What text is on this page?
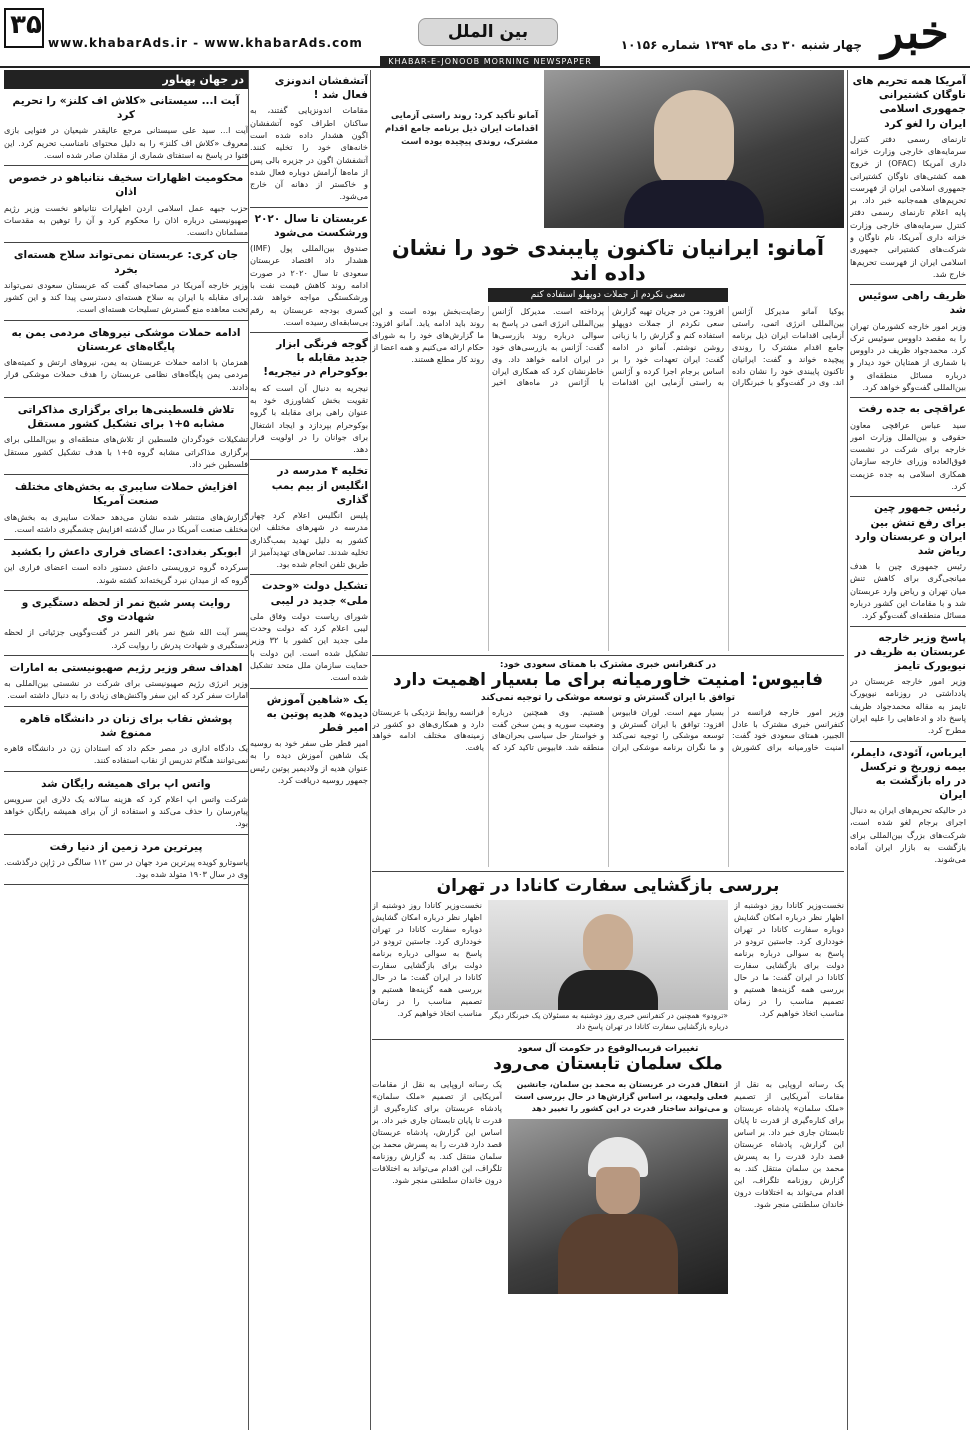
۳۵
www.khabarAds.ir - www.khabarAds.com
بین الملل	خبر
چهار شنبه ۳۰ دی ماه ۱۳۹۴ شماره ۱۰۱۵۶
KHABAR-E-JONOOB MORNING NEWSPAPER
آمریکا همه تحریم های ناوگان کشتیرانی جمهوری اسلامی ایران را لغو کرد
تارنمای رسمی دفتر کنترل سرمایه‌های خارجی وزارت خزانه داری آمریکا (OFAC) از خروج همه کشتی‌های ناوگان کشتیرانی جمهوری اسلامی ایران از فهرست تحریم‌های همه‌جانبه خبر داد. بر پایه اعلام تارنمای رسمی دفتر کنترل سرمایه‌های خارجی وزارت خزانه داری آمریکا، نام ناوگان و شرکت‌های کشتیرانی جمهوری اسلامی ایران از فهرست تحریم‌ها خارج شد.
ظریف راهی سوئیس شد
وزیر امور خارجه کشورمان تهران را به مقصد داووس سوئیس ترک کرد. محمدجواد ظریف در داووس با شماری از همتایان خود دیدار و درباره مسائل منطقه‌ای و بین‌المللی گفت‌وگو خواهد کرد.
عراقچی به جده رفت
سید عباس عراقچی معاون حقوقی و بین‌الملل وزارت امور خارجه برای شرکت در نشست فوق‌العاده وزرای خارجه سازمان همکاری اسلامی به جده عزیمت کرد.
رئیس جمهور چین برای رفع تنش بین ایران و عربستان وارد ریاض شد
رئیس جمهوری چین با هدف میانجی‌گری برای کاهش تنش میان تهران و ریاض وارد عربستان شد و با مقامات این کشور درباره مسائل منطقه‌ای گفت‌وگو کرد.
پاسخ وزیر خارجه عربستان به ظریف در نیویورک تایمز
وزیر امور خارجه عربستان در یادداشتی در روزنامه نیویورک تایمز به مقاله محمدجواد ظریف پاسخ داد و ادعاهایی را علیه ایران مطرح کرد.
ایرباس، آئودی، دایملر، بیمه زوریخ و ترکسل در راه بازگشت به ایران
در حالیکه تحریم‌های ایران به دنبال اجرای برجام لغو شده است، شرکت‌های بزرگ بین‌المللی برای بازگشت به بازار ایران آماده می‌شوند.
آمانو تأکید کرد: روند راستی آزمایی اقدامات ایران ذیل برنامه جامع اقدام مشترک، روندی پیچیده بوده است
آمانو: ایرانیان تاکنون پایبندی خود را نشان داده اند
سعی نکردم از جملات دوپهلو استفاده کنم
یوکیا آمانو مدیرکل آژانس بین‌المللی انرژی اتمی، راستی آزمایی اقدامات ایران ذیل برنامه جامع اقدام مشترک را روندی پیچیده خواند و گفت: ایرانیان تاکنون پایبندی خود را نشان داده اند. وی در گفت‌وگو با خبرنگاران افزود: من در جریان تهیه گزارش سعی نکردم از جملات دوپهلو استفاده کنم و گزارش را با زبانی روشن نوشتم. آمانو در ادامه گفت: ایران تعهدات خود را بر اساس برجام اجرا کرده و آژانس به راستی آزمایی این اقدامات پرداخته است. مدیرکل آژانس بین‌المللی انرژی اتمی در پاسخ به سوالی درباره روند بازرسی‌ها گفت: آژانس به بازرسی‌های خود در ایران ادامه خواهد داد. وی خاطرنشان کرد که همکاری ایران با آژانس در ماه‌های اخیر رضایت‌بخش بوده است و این روند باید ادامه یابد. آمانو افزود: ما گزارش‌های خود را به شورای حکام ارائه می‌کنیم و همه اعضا از روند کار مطلع هستند.
در کنفرانس خبری مشترک با همتای سعودی خود:
فابیوس: امنیت خاورمیانه برای ما بسیار اهمیت دارد
توافق با ایران گسترش و توسعه موشکی را توجیه نمی‌کند
وزیر امور خارجه فرانسه در کنفرانس خبری مشترک با عادل الجبیر، همتای سعودی خود گفت: امنیت خاورمیانه برای کشورش بسیار مهم است. لوران فابیوس افزود: توافق با ایران گسترش و توسعه موشکی را توجیه نمی‌کند و ما نگران برنامه موشکی ایران هستیم. وی همچنین درباره وضعیت سوریه و یمن سخن گفت و خواستار حل سیاسی بحران‌های منطقه شد. فابیوس تاکید کرد که فرانسه روابط نزدیکی با عربستان دارد و همکاری‌های دو کشور در زمینه‌های مختلف ادامه خواهد یافت.
بررسی بازگشایی سفارت کانادا در تهران
نخست‌وزیر کانادا روز دوشنبه از اظهار نظر درباره امکان گشایش دوباره سفارت کانادا در تهران خودداری کرد. جاستین ترودو در پاسخ به سوالی درباره برنامه دولت برای بازگشایی سفارت کانادا در ایران گفت: ما در حال بررسی همه گزینه‌ها هستیم و تصمیم مناسب را در زمان مناسب اتخاذ خواهیم کرد.
«ترودو» همچنین در کنفرانس خبری روز دوشنبه به مسئولان یک خبرنگار دیگر درباره بازگشایی سفارت کانادا در تهران پاسخ داد
نخست‌وزیر کانادا روز دوشنبه از اظهار نظر درباره امکان گشایش دوباره سفارت کانادا در تهران خودداری کرد. جاستین ترودو در پاسخ به سوالی درباره برنامه دولت برای بازگشایی سفارت کانادا در ایران گفت: ما در حال بررسی همه گزینه‌ها هستیم و تصمیم مناسب را در زمان مناسب اتخاذ خواهیم کرد.
تغییرات قریب‌الوقوع در حکومت آل سعود
ملک سلمان تابستان می‌رود
یک رسانه اروپایی به نقل از مقامات آمریکایی از تصمیم «ملک سلمان» پادشاه عربستان برای کناره‌گیری از قدرت تا پایان تابستان جاری خبر داد. بر اساس این گزارش، پادشاه عربستان قصد دارد قدرت را به پسرش محمد بن سلمان منتقل کند. به گزارش روزنامه تلگراف، این اقدام می‌تواند به اختلافات درون خاندان سلطنتی منجر شود.
انتقال قدرت در عربستان به محمد بن سلمان، جانشین فعلی ولیعهد، بر اساس گزارش‌ها در حال بررسی است و می‌تواند ساختار قدرت در این کشور را تغییر دهد
یک رسانه اروپایی به نقل از مقامات آمریکایی از تصمیم «ملک سلمان» پادشاه عربستان برای کناره‌گیری از قدرت تا پایان تابستان جاری خبر داد. بر اساس این گزارش، پادشاه عربستان قصد دارد قدرت را به پسرش محمد بن سلمان منتقل کند. به گزارش روزنامه تلگراف، این اقدام می‌تواند به اختلافات درون خاندان سلطنتی منجر شود.
آتشفشان اندونزی فعال شد !
مقامات اندونزیایی گفتند، به ساکنان اطراف کوه آتشفشان اگون هشدار داده شده است خانه‌های خود را تخلیه کنند. آتشفشان اگون در جزیره بالی پس از ماه‌ها آرامش دوباره فعال شده و خاکستر از دهانه آن خارج می‌شود.
عربستان تا سال ۲۰۲۰ ورشکست می‌شود
صندوق بین‌المللی پول (IMF) هشدار داد اقتصاد عربستان سعودی تا سال ۲۰۲۰ در صورت ادامه روند کاهش قیمت نفت با ورشکستگی مواجه خواهد شد. کسری بودجه عربستان به رقم بی‌سابقه‌ای رسیده است.
گوجه فرنگی ابزار جدید مقابله با بوکوحرام در نیجریه!
نیجریه به دنبال آن است که به تقویت بخش کشاورزی خود به عنوان راهی برای مقابله با گروه بوکوحرام بپردازد و ایجاد اشتغال برای جوانان را در اولویت قرار دهد.
تخلیه ۴ مدرسه در انگلیس از بیم بمب گذاری
پلیس انگلیس اعلام کرد چهار مدرسه در شهرهای مختلف این کشور به دلیل تهدید بمب‌گذاری تخلیه شدند. تماس‌های تهدیدآمیز از طریق تلفن انجام شده بود.
تشکیل دولت «وحدت ملی» جدید در لیبی
شورای ریاست دولت وفاق ملی لیبی اعلام کرد که دولت وحدت ملی جدید این کشور با ۳۲ وزیر تشکیل شده است. این دولت با حمایت سازمان ملل متحد تشکیل شده است.
یک «شاهین آموزش دیده» هدیه پوتین به امیر قطر
امیر قطر طی سفر خود به روسیه یک شاهین آموزش دیده را به عنوان هدیه از ولادیمیر پوتین رئیس جمهور روسیه دریافت کرد.
در جهان پهناور
آیت ا... سیستانی «کلاش اف کلنز» را تحریم کرد
آیت ا... سید علی سیستانی مرجع عالیقدر شیعیان در فتوایی بازی معروف «کلاش اف کلنز» را به دلیل محتوای نامناسب تحریم کرد. این فتوا در پاسخ به استفتای شماری از مقلدان صادر شده است.
محکومیت اظهارات سخیف نتانیاهو در خصوص اذان
حزب جبهه عمل اسلامی اردن اظهارات نتانیاهو نخست وزیر رژیم صهیونیستی درباره اذان را محکوم کرد و آن را توهین به مقدسات مسلمانان دانست.
جان کری: عربستان نمی‌تواند سلاح هسته‌ای بخرد
وزیر خارجه آمریکا در مصاحبه‌ای گفت که عربستان سعودی نمی‌تواند برای مقابله با ایران به سلاح هسته‌ای دسترسی پیدا کند و این کشور تحت معاهده منع گسترش تسلیحات هسته‌ای است.
ادامه حملات موشکی نیروهای مردمی یمن به پایگاه‌های عربستان
همزمان با ادامه حملات عربستان به یمن، نیروهای ارتش و کمیته‌های مردمی یمن پایگاه‌های نظامی عربستان را هدف حملات موشکی قرار دادند.
تلاش فلسطینی‌ها برای برگزاری مذاکراتی مشابه ۵+۱ برای تشکیل کشور مستقل
تشکیلات خودگردان فلسطین از تلاش‌های منطقه‌ای و بین‌المللی برای برگزاری مذاکراتی مشابه گروه ۵+۱ با هدف تشکیل کشور مستقل فلسطین خبر داد.
افزایش حملات سایبری به بخش‌های مختلف صنعت آمریکا
گزارش‌های منتشر شده نشان می‌دهد حملات سایبری به بخش‌های مختلف صنعت آمریکا در سال گذشته افزایش چشمگیری داشته است.
ابوبکر بغدادی: اعضای فراری داعش را بکشید
سرکرده گروه تروریستی داعش دستور داده است اعضای فراری این گروه که از میدان نبرد گریخته‌اند کشته شوند.
روایت پسر شیخ نمر از لحظه دستگیری و شهادت وی
پسر آیت الله شیخ نمر باقر النمر در گفت‌وگویی جزئیاتی از لحظه دستگیری و شهادت پدرش را روایت کرد.
اهداف سفر وزیر رژیم صهیونیستی به امارات
وزیر انرژی رژیم صهیونیستی برای شرکت در نشستی بین‌المللی به امارات سفر کرد که این سفر واکنش‌های زیادی را به دنبال داشته است.
پوشش نقاب برای زنان در دانشگاه قاهره ممنوع شد
یک دادگاه اداری در مصر حکم داد که استادان زن در دانشگاه قاهره نمی‌توانند هنگام تدریس از نقاب استفاده کنند.
واتس اپ برای همیشه رایگان شد
شرکت واتس اپ اعلام کرد که هزینه سالانه یک دلاری این سرویس پیام‌رسان را حذف می‌کند و استفاده از آن برای همیشه رایگان خواهد بود.
پیرترین مرد زمین از دنیا رفت
یاسوتارو کویده پیرترین مرد جهان در سن ۱۱۲ سالگی در ژاپن درگذشت. وی در سال ۱۹۰۳ متولد شده بود.
